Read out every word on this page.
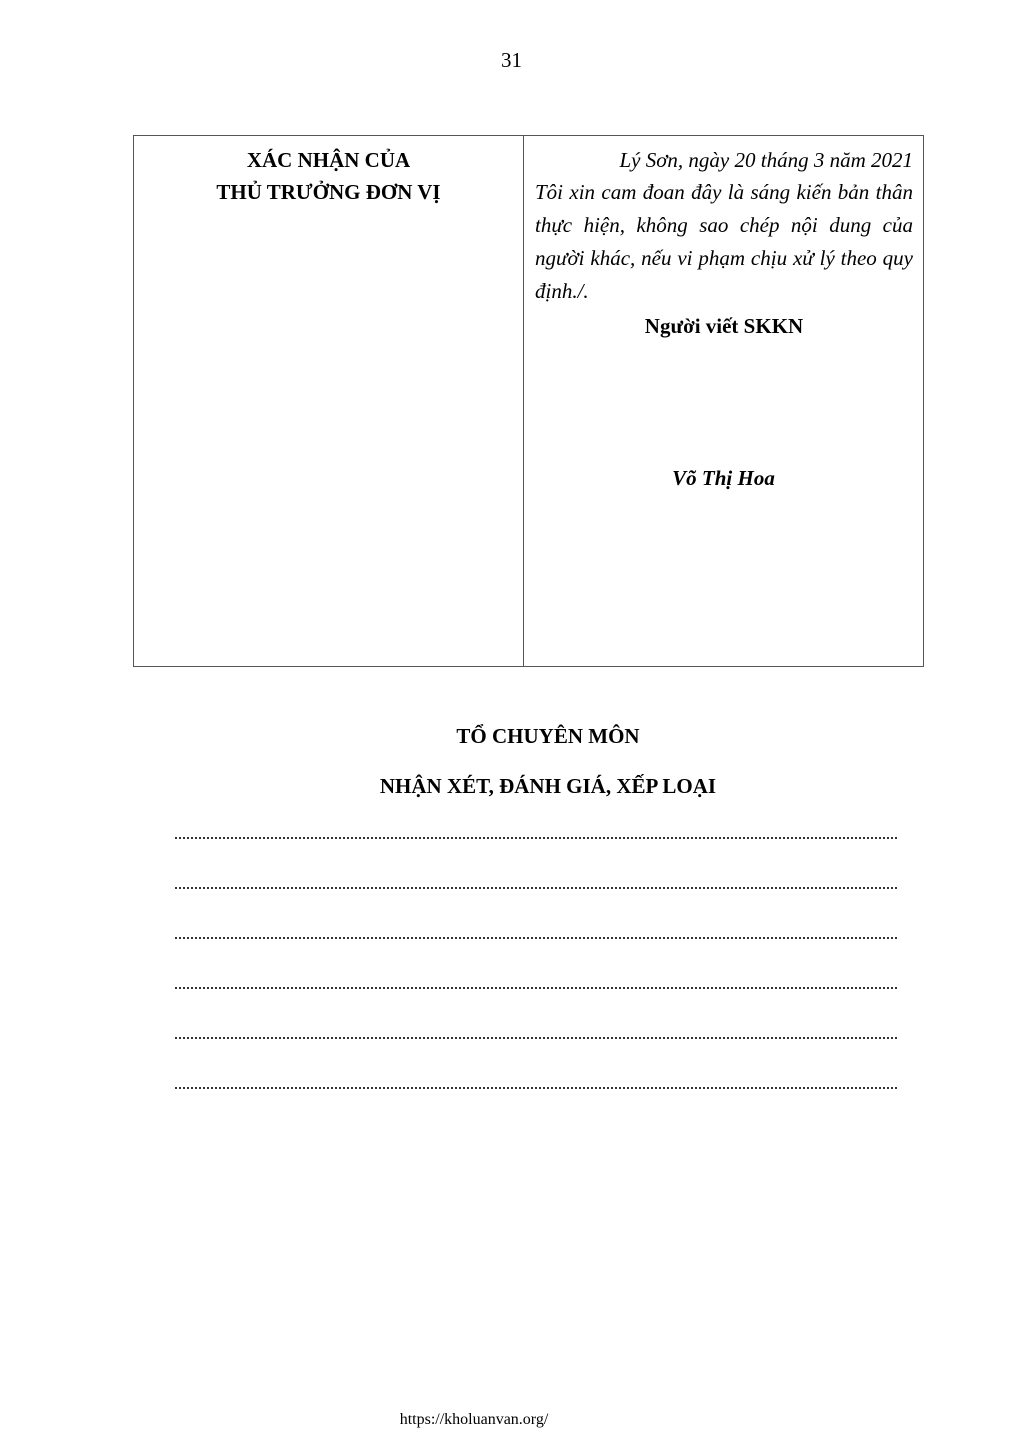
31
XÁC NHẬN CỦA
THỦ TRƯỞNG ĐƠN VỊ
Lý Sơn, ngày 20 tháng 3 năm 2021
Tôi xin cam đoan đây là sáng kiến bản thân thực hiện, không sao chép nội dung của người khác, nếu vi phạm chịu xử lý theo quy định./.
Người viết SKKN
Võ Thị Hoa
TỔ CHUYÊN MÔN
NHẬN XÉT, ĐÁNH GIÁ, XẾP LOẠI
https://kholuanvan.org/
